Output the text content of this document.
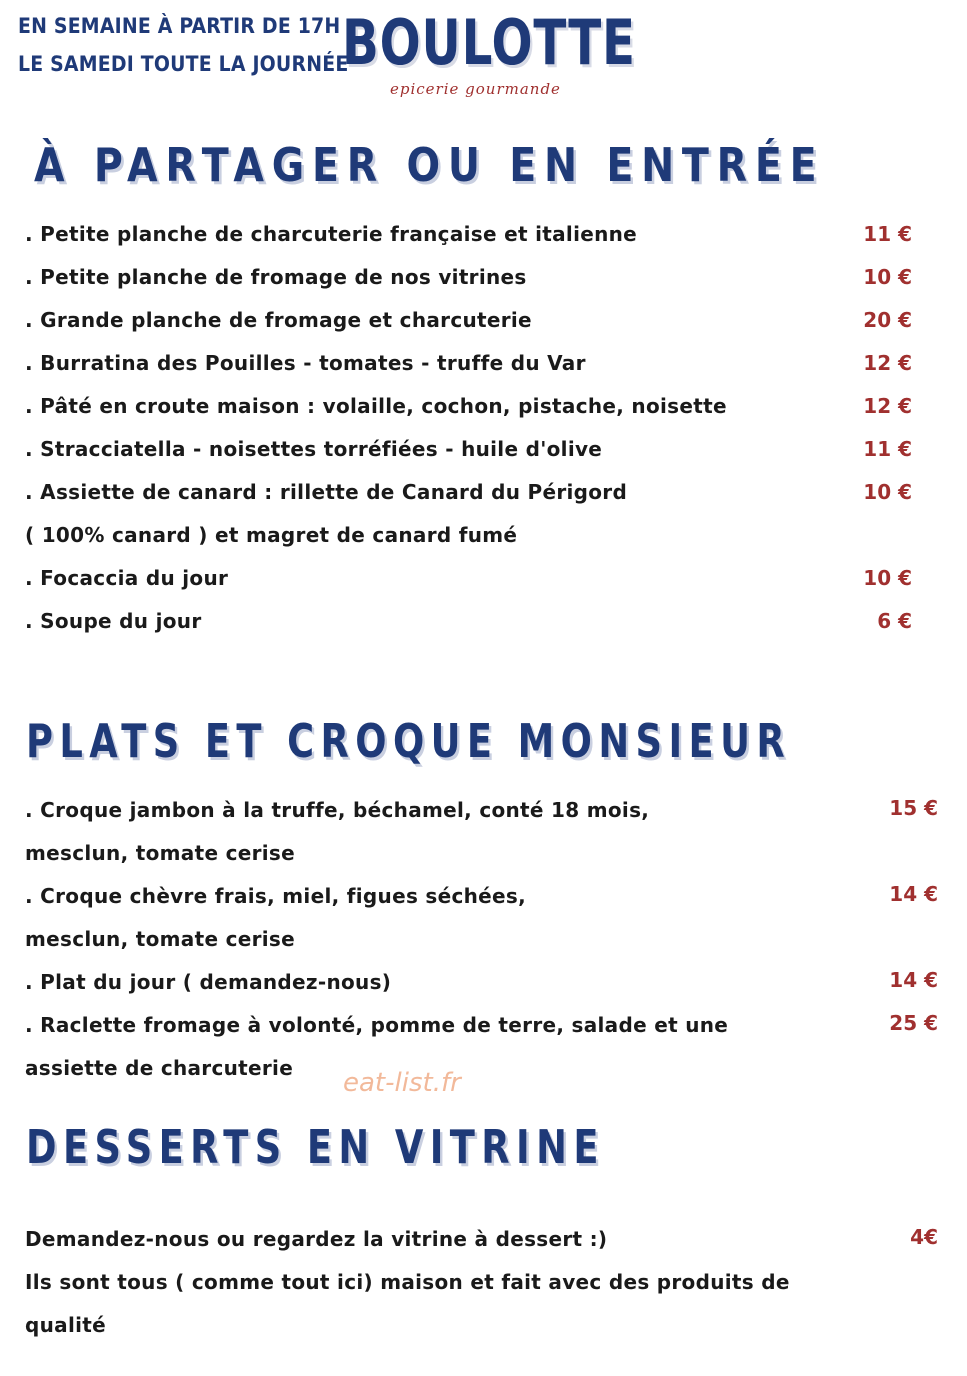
EN SEMAINE À PARTIR DE 17H
LE SAMEDI TOUTE LA JOURNÉE
BOULOTTE
epicerie gourmande
À PARTAGER OU EN ENTRÉE
. Petite planche de charcuterie française et italienne	11 €
. Petite planche de fromage de nos vitrines	10 €
. Grande planche de fromage et charcuterie	20 €
. Burratina des Pouilles - tomates - truffe du Var	12 €
. Pâté en croute maison : volaille, cochon, pistache, noisette	12 €
. Stracciatella - noisettes torréfiées - huile d'olive	11 €
. Assiette de canard : rillette de Canard du Périgord	10 €
( 100% canard ) et magret de canard fumé
. Focaccia du jour	10 €
. Soupe du jour	6 €
PLATS ET CROQUE MONSIEUR
. Croque jambon à la truffe, béchamel, conté 18 mois,	15 €
mesclun, tomate cerise
. Croque chèvre frais, miel, figues séchées,	14 €
mesclun, tomate cerise
. Plat du jour ( demandez-nous)	14 €
. Raclette fromage à volonté, pomme de terre, salade et une	25 €
assiette de charcuterie eat-list.fr
DESSERTS EN VITRINE
Demandez-nous ou regardez la vitrine à dessert :)	4€
Ils sont tous ( comme tout ici) maison et fait avec des produits de
qualité
